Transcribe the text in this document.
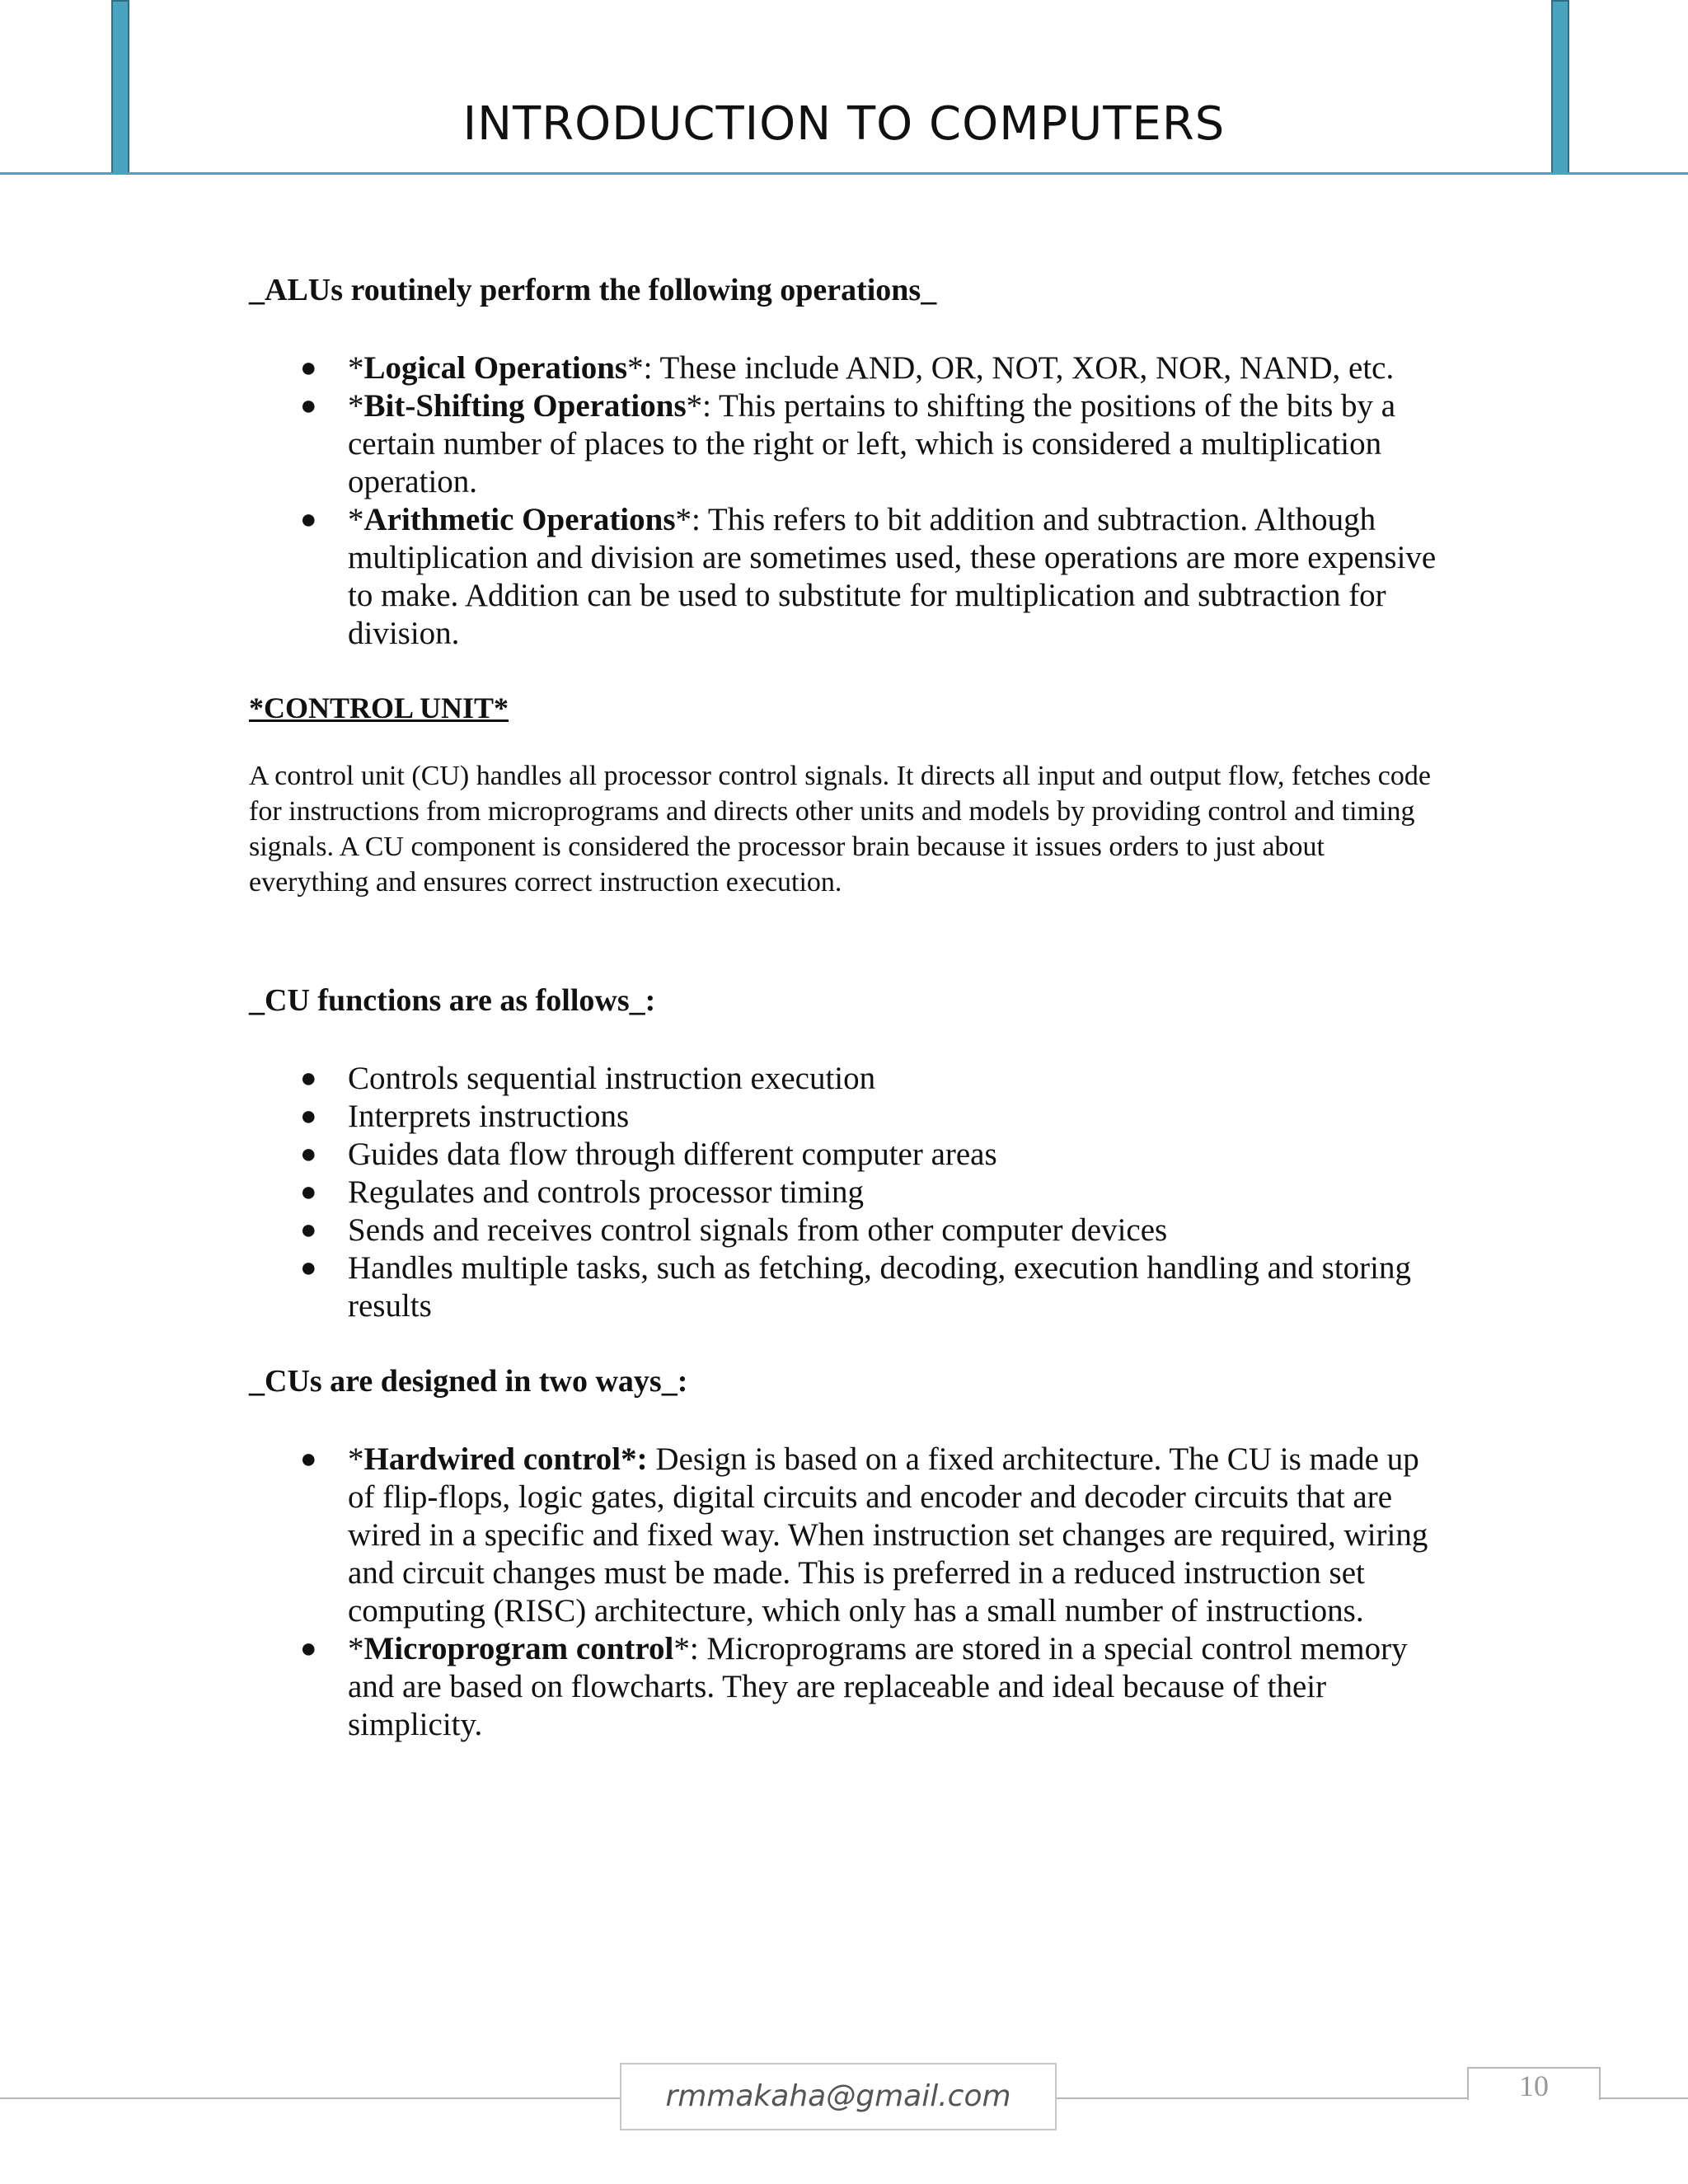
INTRODUCTION TO COMPUTERS

_ALUs routinely perform the following operations_

● *Logical Operations*: These include AND, OR, NOT, XOR, NOR, NAND, etc.
● *Bit-Shifting Operations*: This pertains to shifting the positions of the bits by a certain number of places to the right or left, which is considered a multiplication operation.
● *Arithmetic Operations*: This refers to bit addition and subtraction. Although multiplication and division are sometimes used, these operations are more expensive to make. Addition can be used to substitute for multiplication and subtraction for division.

*CONTROL UNIT*

A control unit (CU) handles all processor control signals. It directs all input and output flow, fetches code for instructions from microprograms and directs other units and models by providing control and timing signals. A CU component is considered the processor brain because it issues orders to just about everything and ensures correct instruction execution.

_CU functions are as follows_:

● Controls sequential instruction execution
● Interprets instructions
● Guides data flow through different computer areas
● Regulates and controls processor timing
● Sends and receives control signals from other computer devices
● Handles multiple tasks, such as fetching, decoding, execution handling and storing results

_CUs are designed in two ways_:

● *Hardwired control*: Design is based on a fixed architecture. The CU is made up of flip-flops, logic gates, digital circuits and encoder and decoder circuits that are wired in a specific and fixed way. When instruction set changes are required, wiring and circuit changes must be made. This is preferred in a reduced instruction set computing (RISC) architecture, which only has a small number of instructions.
● *Microprogram control*: Microprograms are stored in a special control memory and are based on flowcharts. They are replaceable and ideal because of their simplicity.
rmmakaha@gmail.com	10
